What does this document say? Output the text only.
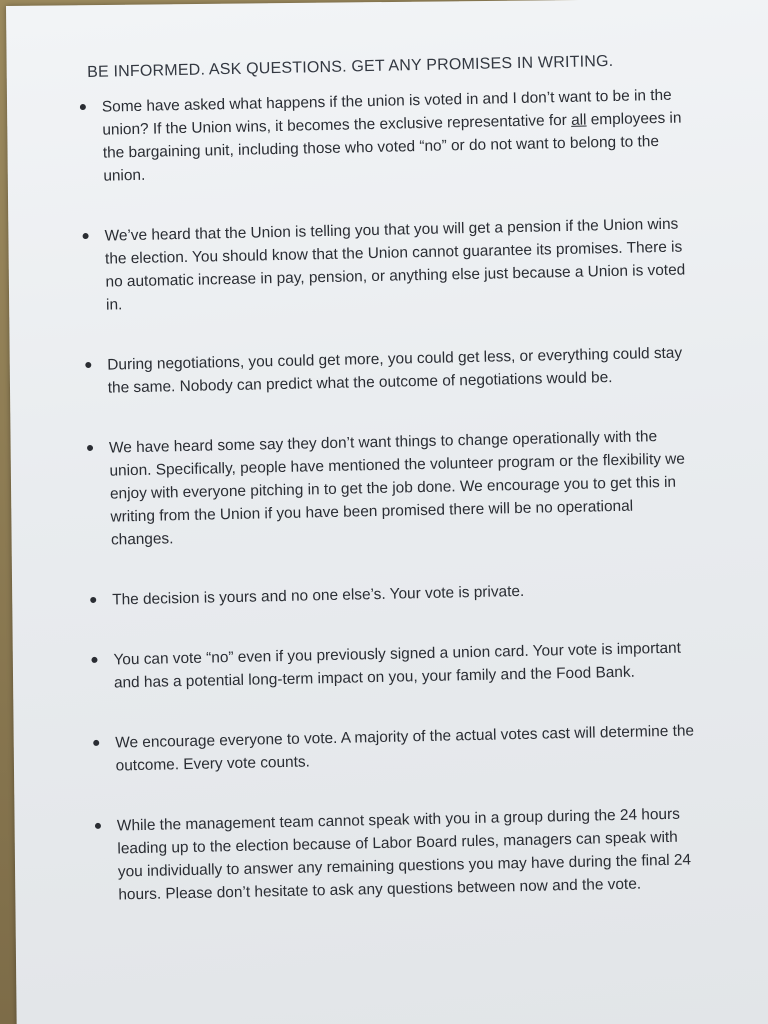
BE INFORMED. ASK QUESTIONS. GET ANY PROMISES IN WRITING.
Some have asked what happens if the union is voted in and I don’t want to be in the union? If the Union wins, it becomes the exclusive representative for all employees in the bargaining unit, including those who voted “no” or do not want to belong to the union.
We’ve heard that the Union is telling you that you will get a pension if the Union wins the election. You should know that the Union cannot guarantee its promises. There is no automatic increase in pay, pension, or anything else just because a Union is voted in.
During negotiations, you could get more, you could get less, or everything could stay the same. Nobody can predict what the outcome of negotiations would be.
We have heard some say they don’t want things to change operationally with the union. Specifically, people have mentioned the volunteer program or the flexibility we enjoy with everyone pitching in to get the job done. We encourage you to get this in writing from the Union if you have been promised there will be no operational changes.
The decision is yours and no one else’s. Your vote is private.
You can vote “no” even if you previously signed a union card. Your vote is important and has a potential long-term impact on you, your family and the Food Bank.
We encourage everyone to vote. A majority of the actual votes cast will determine the outcome. Every vote counts.
While the management team cannot speak with you in a group during the 24 hours leading up to the election because of Labor Board rules, managers can speak with you individually to answer any remaining questions you may have during the final 24 hours. Please don’t hesitate to ask any questions between now and the vote.
